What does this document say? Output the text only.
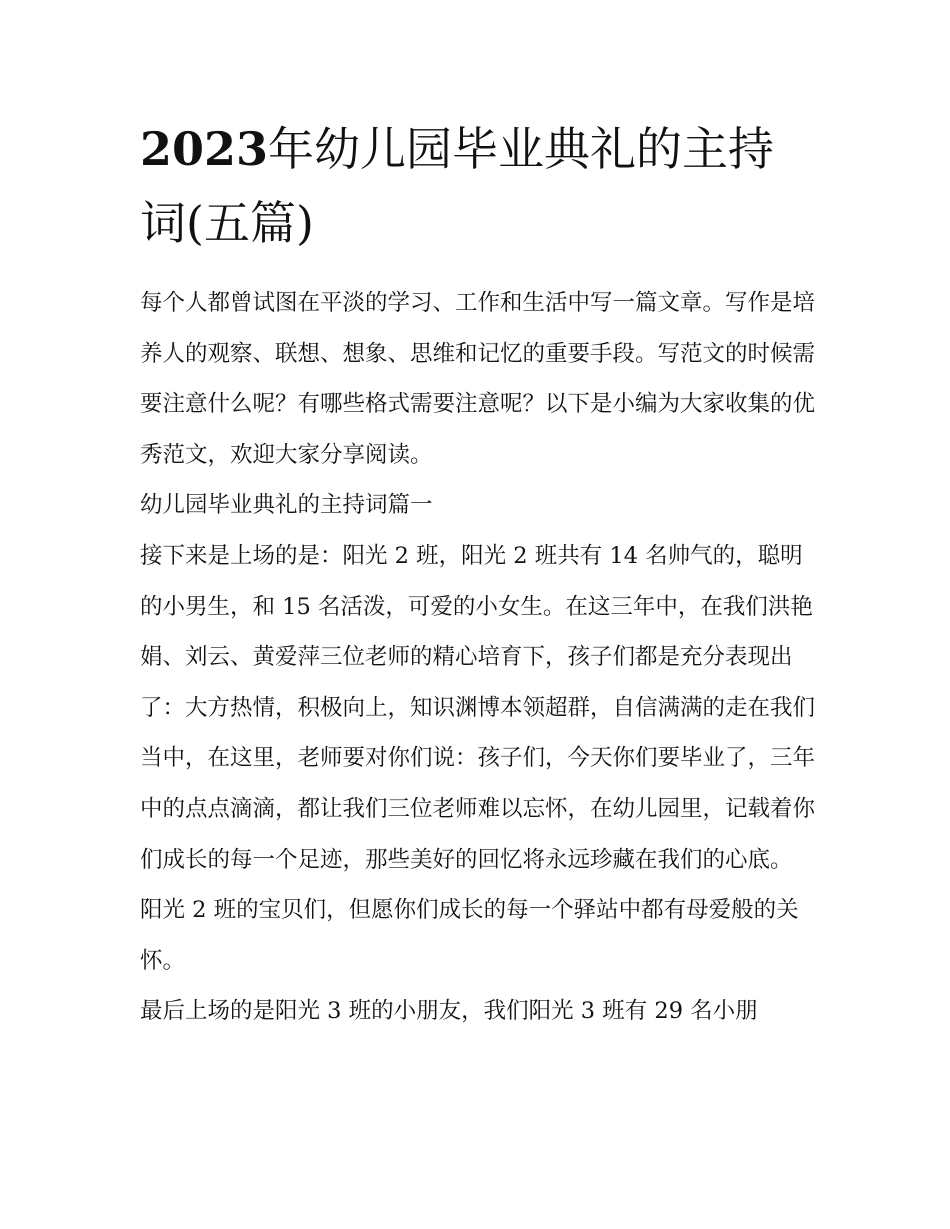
2023年幼儿园毕业典礼的主持词(五篇)

每个人都曾试图在平淡的学习、工作和生活中写一篇文章。写作是培养人的观察、联想、想象、思维和记忆的重要手段。写范文的时候需要注意什么呢？有哪些格式需要注意呢？以下是小编为大家收集的优秀范文，欢迎大家分享阅读。

幼儿园毕业典礼的主持词篇一

接下来是上场的是：阳光 2 班，阳光 2 班共有 14 名帅气的，聪明的小男生，和 15 名活泼，可爱的小女生。在这三年中，在我们洪艳娟、刘云、黄爱萍三位老师的精心培育下，孩子们都是充分表现出了：大方热情，积极向上，知识渊博本领超群，自信满满的走在我们当中，在这里，老师要对你们说：孩子们，今天你们要毕业了，三年中的点点滴滴，都让我们三位老师难以忘怀，在幼儿园里，记载着你们成长的每一个足迹，那些美好的回忆将永远珍藏在我们的心底。

阳光 2 班的宝贝们，但愿你们成长的每一个驿站中都有母爱般的关怀。

最后上场的是阳光 3 班的小朋友，我们阳光 3 班有 29 名小朋
